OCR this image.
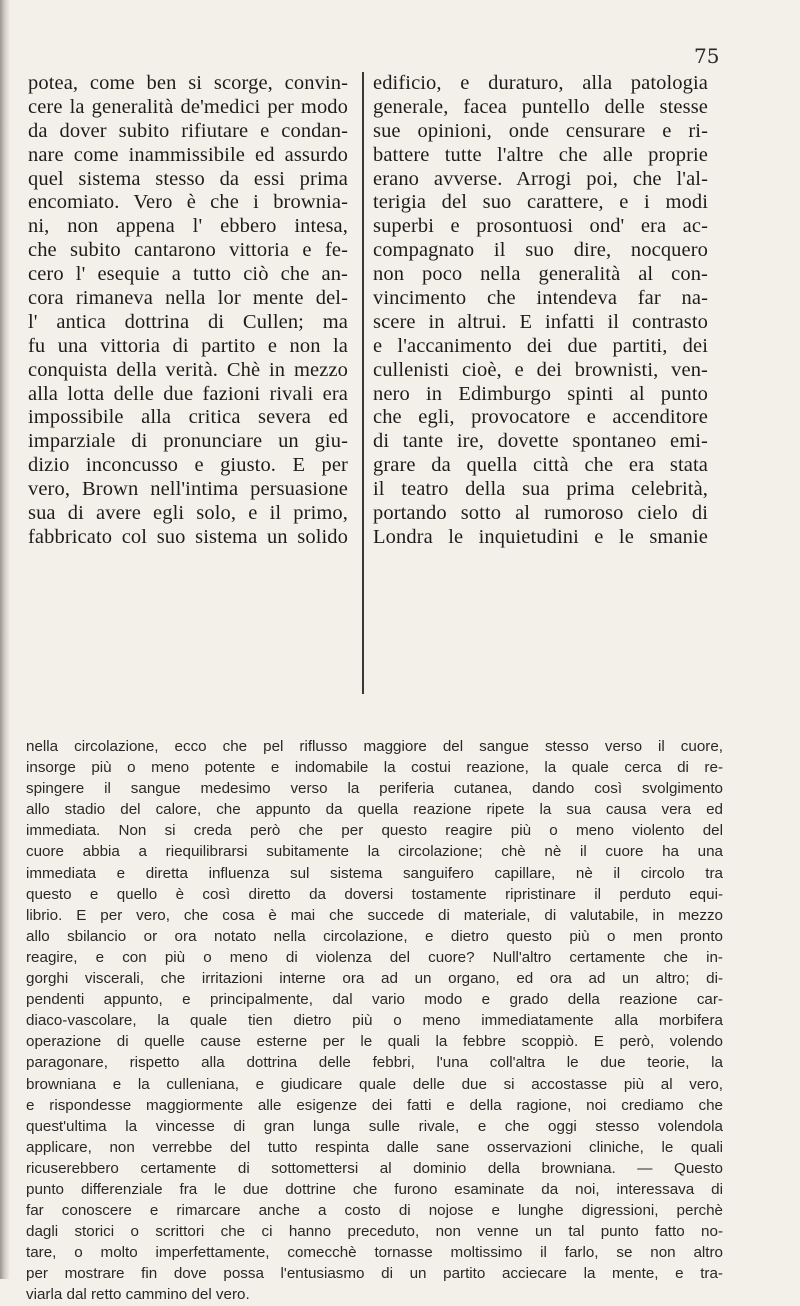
75
potea, come ben si scorge, convin-
cere la generalità de'medici per modo
da dover subito rifiutare e condan-
nare come inammissibile ed assurdo
quel sistema stesso da essi prima
encomiato. Vero è che i brownia-
ni, non appena l' ebbero intesa,
che subito cantarono vittoria e fe-
cero l' esequie a tutto ciò che an-
cora rimaneva nella lor mente del-
l' antica dottrina di Cullen; ma
fu una vittoria di partito e non la
conquista della verità. Chè in mezzo
alla lotta delle due fazioni rivali era
impossibile alla critica severa ed
imparziale di pronunciare un giu-
dizio inconcusso e giusto. E per
vero, Brown nell'intima persuasione
sua di avere egli solo, e il primo,
fabbricato col suo sistema un solido
edificio, e duraturo, alla patologia
generale, facea puntello delle stesse
sue opinioni, onde censurare e ri-
battere tutte l'altre che alle proprie
erano avverse. Arrogi poi, che l'al-
terigia del suo carattere, e i modi
superbi e prosontuosi ond' era ac-
compagnato il suo dire, nocquero
non poco nella generalità al con-
vincimento che intendeva far na-
scere in altrui. E infatti il contrasto
e l'accanimento dei due partiti, dei
cullenisti cioè, e dei brownisti, ven-
nero in Edimburgo spinti al punto
che egli, provocatore e accenditore
di tante ire, dovette spontaneo emi-
grare da quella città che era stata
il teatro della sua prima celebrità,
portando sotto al rumoroso cielo di
Londra le inquietudini e le smanie
nella circolazione, ecco che pel riflusso maggiore del sangue stesso verso il cuore,
insorge più o meno potente e indomabile la costui reazione, la quale cerca di re-
spingere il sangue medesimo verso la periferia cutanea, dando così svolgimento
allo stadio del calore, che appunto da quella reazione ripete la sua causa vera ed
immediata. Non si creda però che per questo reagire più o meno violento del
cuore abbia a riequilibrarsi subitamente la circolazione; chè nè il cuore ha una
immediata e diretta influenza sul sistema sanguifero capillare, nè il circolo tra
questo e quello è così diretto da doversi tostamente ripristinare il perduto equi-
librio. E per vero, che cosa è mai che succede di materiale, di valutabile, in mezzo
allo sbilancio or ora notato nella circolazione, e dietro questo più o men pronto
reagire, e con più o meno di violenza del cuore? Null'altro certamente che in-
gorghi viscerali, che irritazioni interne ora ad un organo, ed ora ad un altro; di-
pendenti appunto, e principalmente, dal vario modo e grado della reazione car-
diaco-vascolare, la quale tien dietro più o meno immediatamente alla morbifera
operazione di quelle cause esterne per le quali la febbre scoppiò. E però, volendo
paragonare, rispetto alla dottrina delle febbri, l'una coll'altra le due teorie, la
browniana e la culleniana, e giudicare quale delle due si accostasse più al vero,
e rispondesse maggiormente alle esigenze dei fatti e della ragione, noi crediamo che
quest'ultima la vincesse di gran lunga sulle rivale, e che oggi stesso volendola
applicare, non verrebbe del tutto respinta dalle sane osservazioni cliniche, le quali
ricuserebbero certamente di sottomettersi al dominio della browniana. — Questo
punto differenziale fra le due dottrine che furono esaminate da noi, interessava di
far conoscere e rimarcare anche a costo di nojose e lunghe digressioni, perchè
dagli storici o scrittori che ci hanno preceduto, non venne un tal punto fatto no-
tare, o molto imperfettamente, comecchè tornasse moltissimo il farlo, se non altro
per mostrare fin dove possa l'entusiasmo di un partito acciecare la mente, e tra-
viarla dal retto cammino del vero.
